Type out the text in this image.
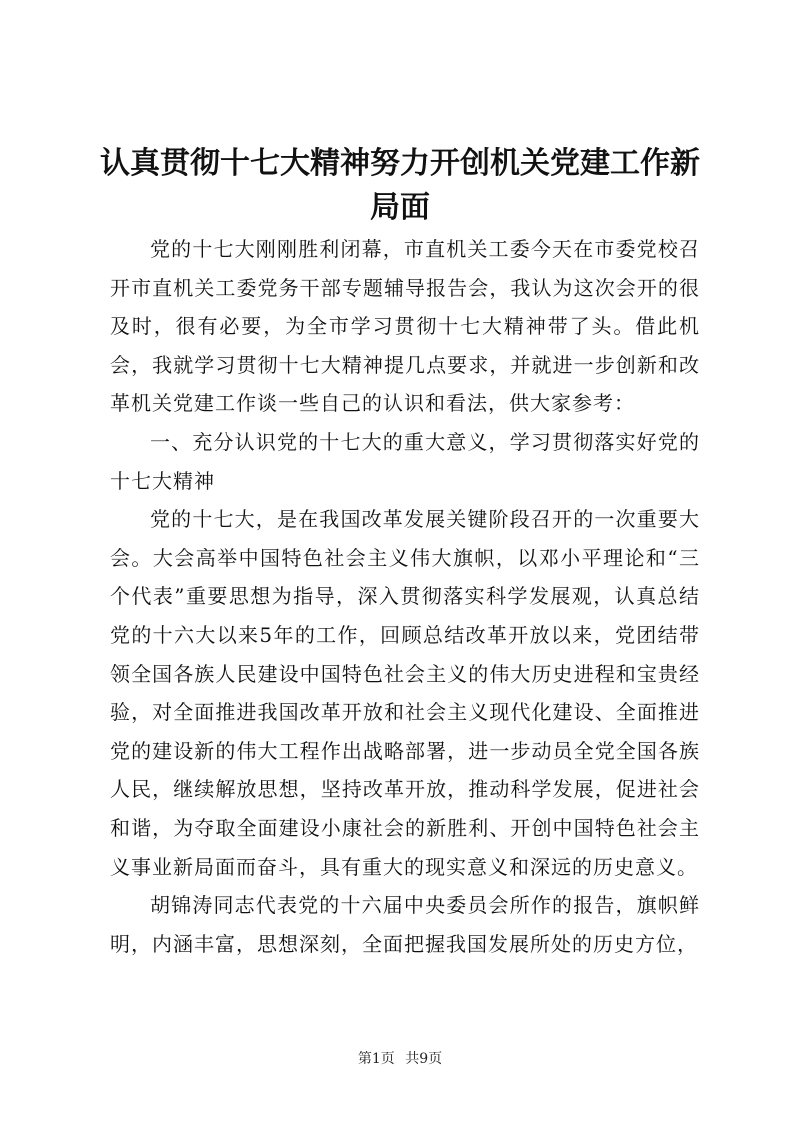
认真贯彻十七大精神努力开创机关党建工作新局面

党的十七大刚刚胜利闭幕，市直机关工委今天在市委党校召开市直机关工委党务干部专题辅导报告会，我认为这次会开的很及时，很有必要，为全市学习贯彻十七大精神带了头。借此机会，我就学习贯彻十七大精神提几点要求，并就进一步创新和改革机关党建工作谈一些自己的认识和看法，供大家参考：

一、充分认识党的十七大的重大意义，学习贯彻落实好党的十七大精神

党的十七大，是在我国改革发展关键阶段召开的一次重要大会。大会高举中国特色社会主义伟大旗帜，以邓小平理论和“三个代表”重要思想为指导，深入贯彻落实科学发展观，认真总结党的十六大以来5年的工作，回顾总结改革开放以来，党团结带领全国各族人民建设中国特色社会主义的伟大历史进程和宝贵经验，对全面推进我国改革开放和社会主义现代化建设、全面推进党的建设新的伟大工程作出战略部署，进一步动员全党全国各族人民，继续解放思想，坚持改革开放，推动科学发展，促进社会和谐，为夺取全面建设小康社会的新胜利、开创中国特色社会主义事业新局面而奋斗，具有重大的现实意义和深远的历史意义。

胡锦涛同志代表党的十六届中央委员会所作的报告，旗帜鲜明，内涵丰富，思想深刻，全面把握我国发展所处的历史方位，

第1页 共9页
